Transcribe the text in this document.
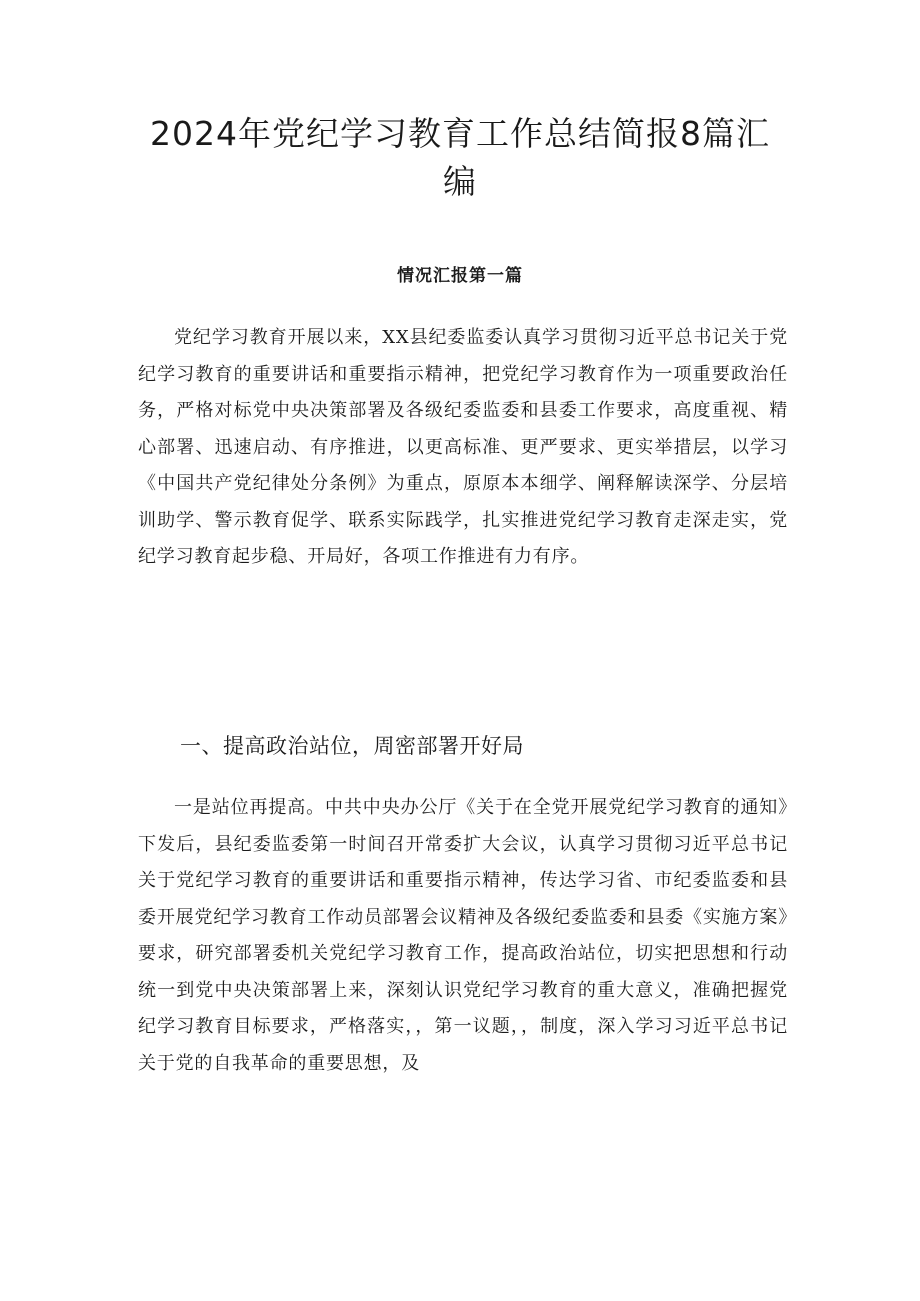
2024年党纪学习教育工作总结简报8篇汇编
情况汇报第一篇

党纪学习教育开展以来，XX县纪委监委认真学习贯彻习近平总书记关于党纪学习教育的重要讲话和重要指示精神，把党纪学习教育作为一项重要政治任务，严格对标党中央决策部署及各级纪委监委和县委工作要求，高度重视、精心部署、迅速启动、有序推进，以更高标准、更严要求、更实举措层，以学习《中国共产党纪律处分条例》为重点，原原本本细学、阐释解读深学、分层培训助学、警示教育促学、联系实际践学，扎实推进党纪学习教育走深走实，党纪学习教育起步稳、开局好，各项工作推进有力有序。

一、提高政治站位，周密部署开好局

一是站位再提高。中共中央办公厅《关于在全党开展党纪学习教育的通知》下发后，县纪委监委第一时间召开常委扩大会议，认真学习贯彻习近平总书记关于党纪学习教育的重要讲话和重要指示精神，传达学习省、市纪委监委和县委开展党纪学习教育工作动员部署会议精神及各级纪委监委和县委《实施方案》要求，研究部署委机关党纪学习教育工作，提高政治站位，切实把思想和行动统一到党中央决策部署上来，深刻认识党纪学习教育的重大意义，准确把握党纪学习教育目标要求，严格落实，，第一议题，，制度，深入学习习近平总书记关于党的自我革命的重要思想，及
